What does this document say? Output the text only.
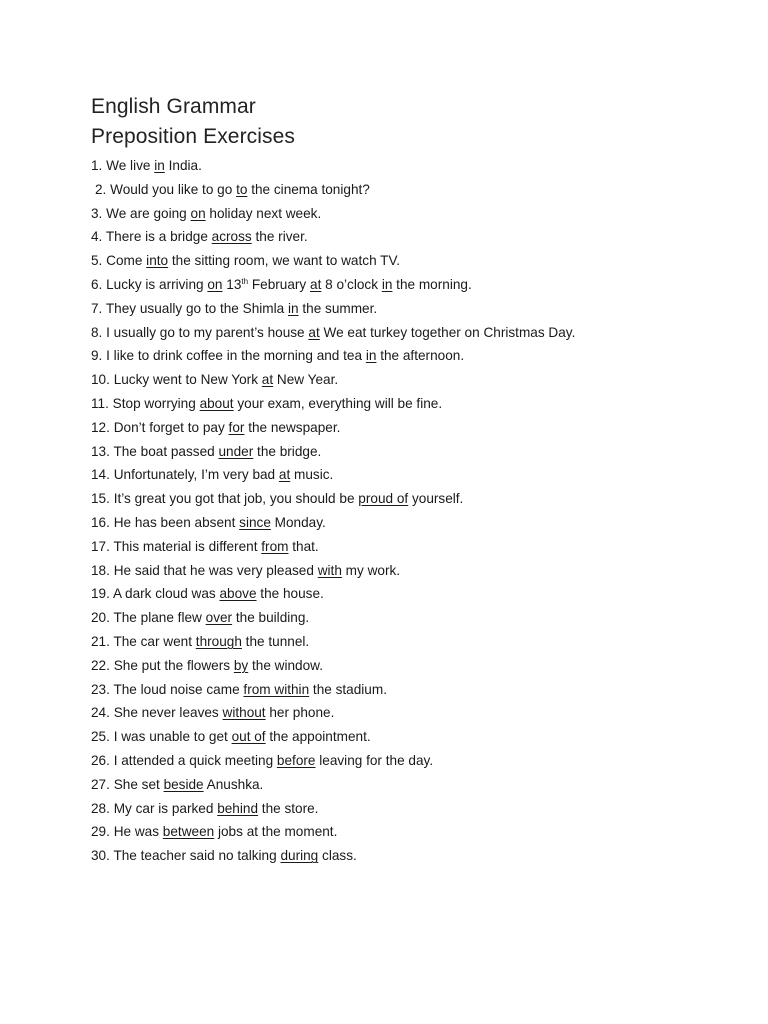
English Grammar
Preposition Exercises
1. We live in India.
2. Would you like to go to the cinema tonight?
3. We are going on holiday next week.
4. There is a bridge across the river.
5. Come into the sitting room, we want to watch TV.
6. Lucky is arriving on 13th February at 8 o’clock in the morning.
7. They usually go to the Shimla in the summer.
8. I usually go to my parent’s house at We eat turkey together on Christmas Day.
9. I like to drink coffee in the morning and tea in the afternoon.
10. Lucky went to New York at New Year.
11. Stop worrying about your exam, everything will be fine.
12. Don’t forget to pay for the newspaper.
13. The boat passed under the bridge.
14. Unfortunately, I’m very bad at music.
15. It’s great you got that job, you should be proud of yourself.
16. He has been absent since Monday.
17. This material is different from that.
18. He said that he was very pleased with my work.
19. A dark cloud was above the house.
20. The plane flew over the building.
21. The car went through the tunnel.
22. She put the flowers by the window.
23. The loud noise came from within the stadium.
24. She never leaves without her phone.
25. I was unable to get out of the appointment.
26. I attended a quick meeting before leaving for the day.
27. She set beside Anushka.
28. My car is parked behind the store.
29. He was between jobs at the moment.
30. The teacher said no talking during class.
